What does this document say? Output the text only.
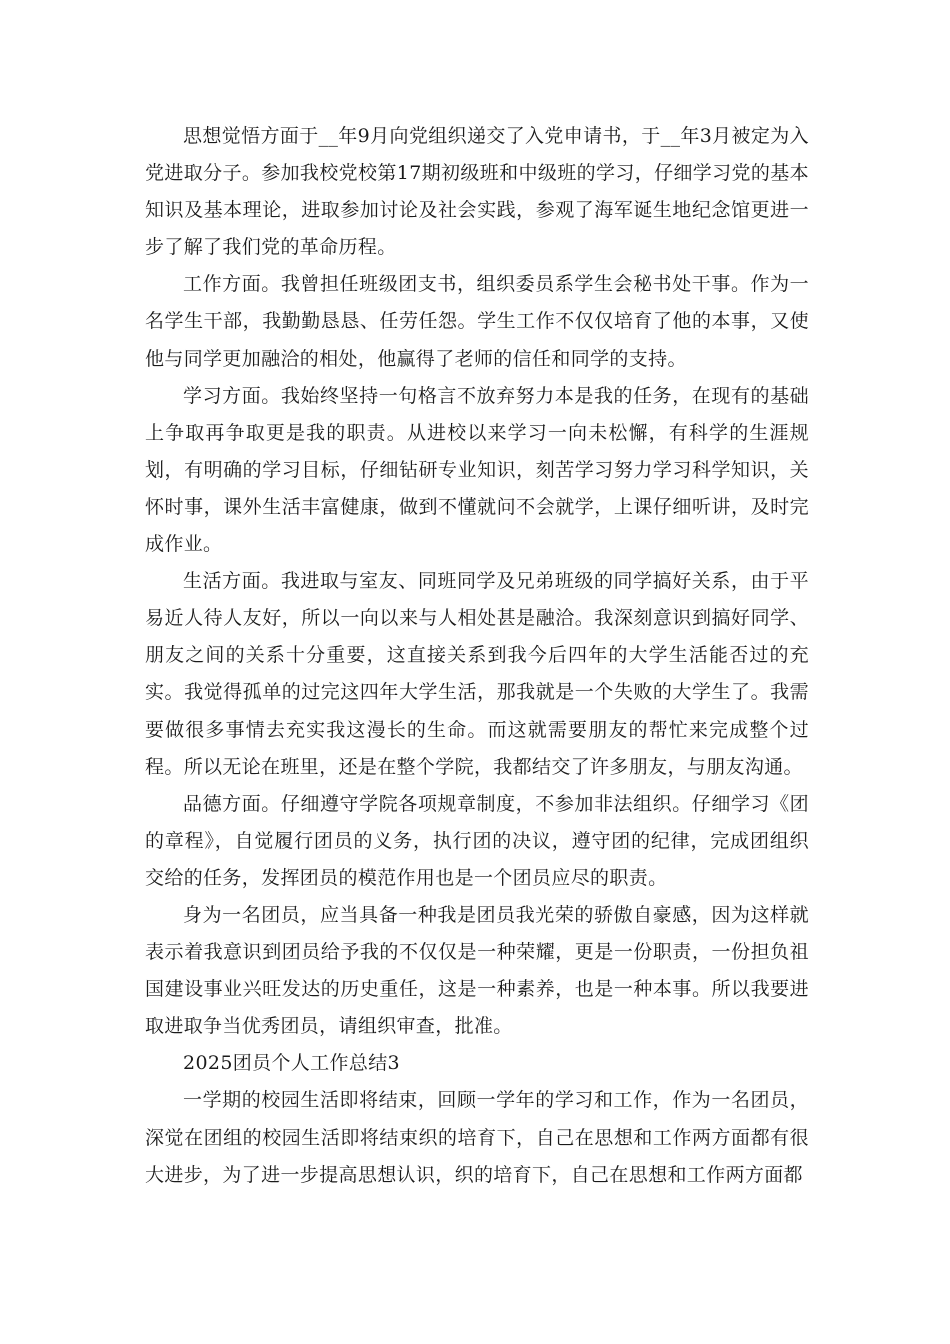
思想觉悟方面于__年9月向党组织递交了入党申请书，于__年3月被定为入党进取分子。参加我校党校第17期初级班和中级班的学习，仔细学习党的基本知识及基本理论，进取参加讨论及社会实践，参观了海军诞生地纪念馆更进一步了解了我们党的革命历程。

工作方面。我曾担任班级团支书，组织委员系学生会秘书处干事。作为一名学生干部，我勤勤恳恳、任劳任怨。学生工作不仅仅培育了他的本事，又使他与同学更加融洽的相处，他赢得了老师的信任和同学的支持。

学习方面。我始终坚持一句格言不放弃努力本是我的任务，在现有的基础上争取再争取更是我的职责。从进校以来学习一向未松懈，有科学的生涯规划，有明确的学习目标，仔细钻研专业知识，刻苦学习努力学习科学知识，关怀时事，课外生活丰富健康，做到不懂就问不会就学，上课仔细听讲，及时完成作业。

生活方面。我进取与室友、同班同学及兄弟班级的同学搞好关系，由于平易近人待人友好，所以一向以来与人相处甚是融洽。我深刻意识到搞好同学、朋友之间的关系十分重要，这直接关系到我今后四年的大学生活能否过的充实。我觉得孤单的过完这四年大学生活，那我就是一个失败的大学生了。我需要做很多事情去充实我这漫长的生命。而这就需要朋友的帮忙来完成整个过程。所以无论在班里，还是在整个学院，我都结交了许多朋友，与朋友沟通。

品德方面。仔细遵守学院各项规章制度，不参加非法组织。仔细学习《团的章程》，自觉履行团员的义务，执行团的决议，遵守团的纪律，完成团组织交给的任务，发挥团员的模范作用也是一个团员应尽的职责。

身为一名团员，应当具备一种我是团员我光荣的骄傲自豪感，因为这样就表示着我意识到团员给予我的不仅仅是一种荣耀，更是一份职责，一份担负祖国建设事业兴旺发达的历史重任，这是一种素养，也是一种本事。所以我要进取进取争当优秀团员，请组织审查，批准。

2025团员个人工作总结3

一学期的校园生活即将结束，回顾一学年的学习和工作，作为一名团员，深觉在团组的校园生活即将结束织的培育下，自己在思想和工作两方面都有很大进步，为了进一步提高思想认识，织的培育下，自己在思想和工作两方面都
